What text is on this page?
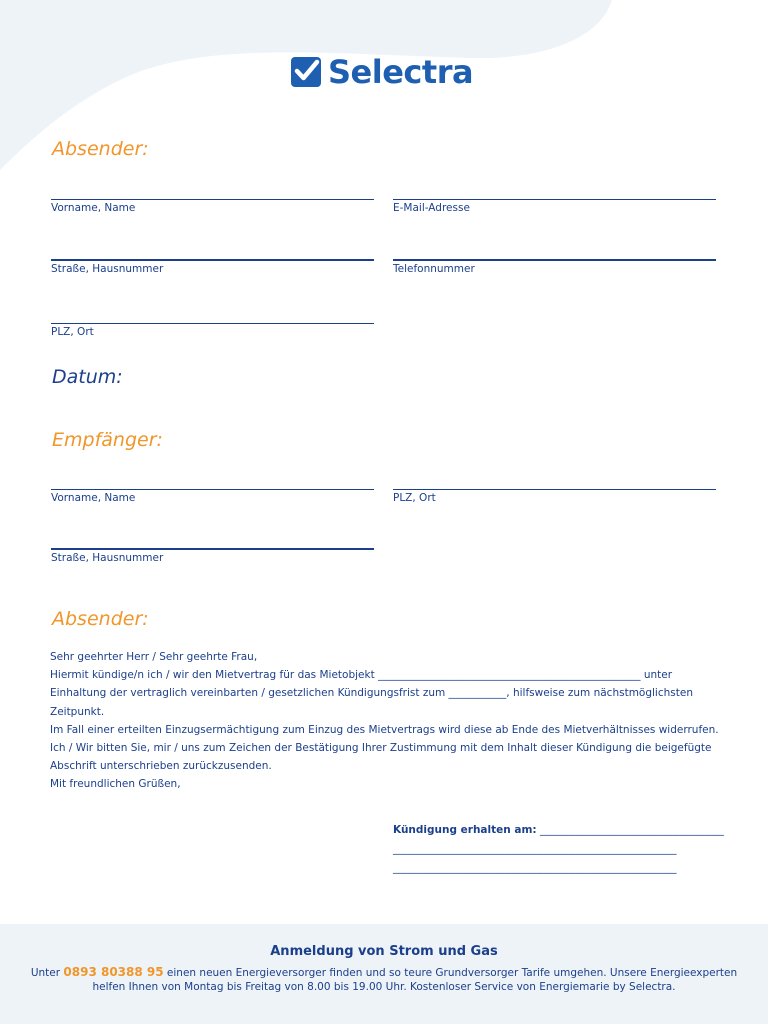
Selectra
Absender:
Vorname, Name	E-Mail-Adresse
Straße, Hausnummer	Telefonnummer
PLZ, Ort
Datum:
Empfänger:
Vorname, Name	PLZ, Ort
Straße, Hausnummer
Absender:

Sehr geehrter Herr / Sehr geehrte Frau,

Hiermit kündige/n ich / wir den Mietvertrag für das Mietobjekt __________________________________________________ unter

Einhaltung der vertraglich vereinbarten / gesetzlichen Kündigungsfrist zum ___________, hilfsweise zum nächstmöglichsten

Zeitpunkt.

Im Fall einer erteilten Einzugsermächtigung zum Einzug des Mietvertrags wird diese ab Ende des Mietverhältnisses widerrufen.

Ich / Wir bitten Sie, mir / uns zum Zeichen der Bestätigung Ihrer Zustimmung mit dem Inhalt dieser Kündigung die beigefügte

Abschrift unterschrieben zurückzusenden.

Mit freundlichen Grüßen,

Kündigung erhalten am: ___________________________________

______________________________________________________

______________________________________________________

Anmeldung von Strom und Gas
Unter 0893 80388 95 einen neuen Energieversorger finden und so teure Grundversorger Tarife umgehen. Unsere Energieexperten helfen Ihnen von Montag bis Freitag von 8.00 bis 19.00 Uhr. Kostenloser Service von Energiemarie by Selectra.
